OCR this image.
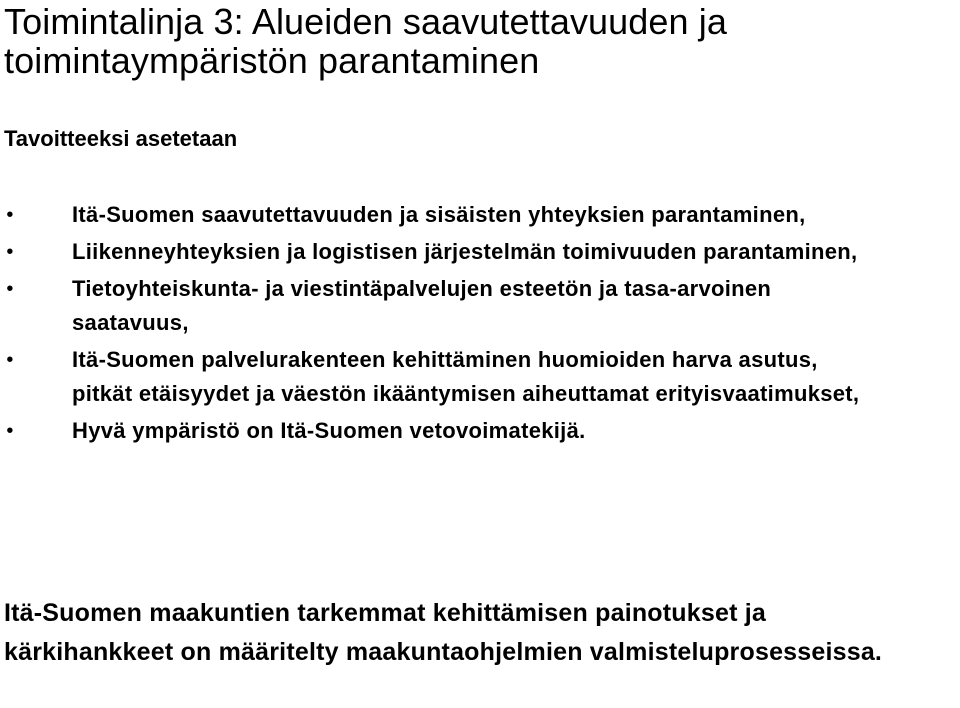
Toimintalinja 3: Alueiden saavutettavuuden ja toimintaympäristön parantaminen

Tavoitteeksi asetetaan

•	Itä-Suomen saavutettavuuden ja sisäisten yhteyksien parantaminen,
•	Liikenneyhteyksien ja logistisen järjestelmän toimivuuden parantaminen,
•	Tietoyhteiskunta- ja viestintäpalvelujen esteetön ja tasa-arvoinen saatavuus,
•	Itä-Suomen palvelurakenteen kehittäminen huomioiden harva asutus, pitkät etäisyydet ja väestön ikääntymisen aiheuttamat erityisvaatimukset,
•	Hyvä ympäristö on Itä-Suomen vetovoimatekijä.

Itä-Suomen maakuntien tarkemmat kehittämisen painotukset ja kärkihankkeet on määritelty maakuntaohjelmien valmisteluprosesseissa.
